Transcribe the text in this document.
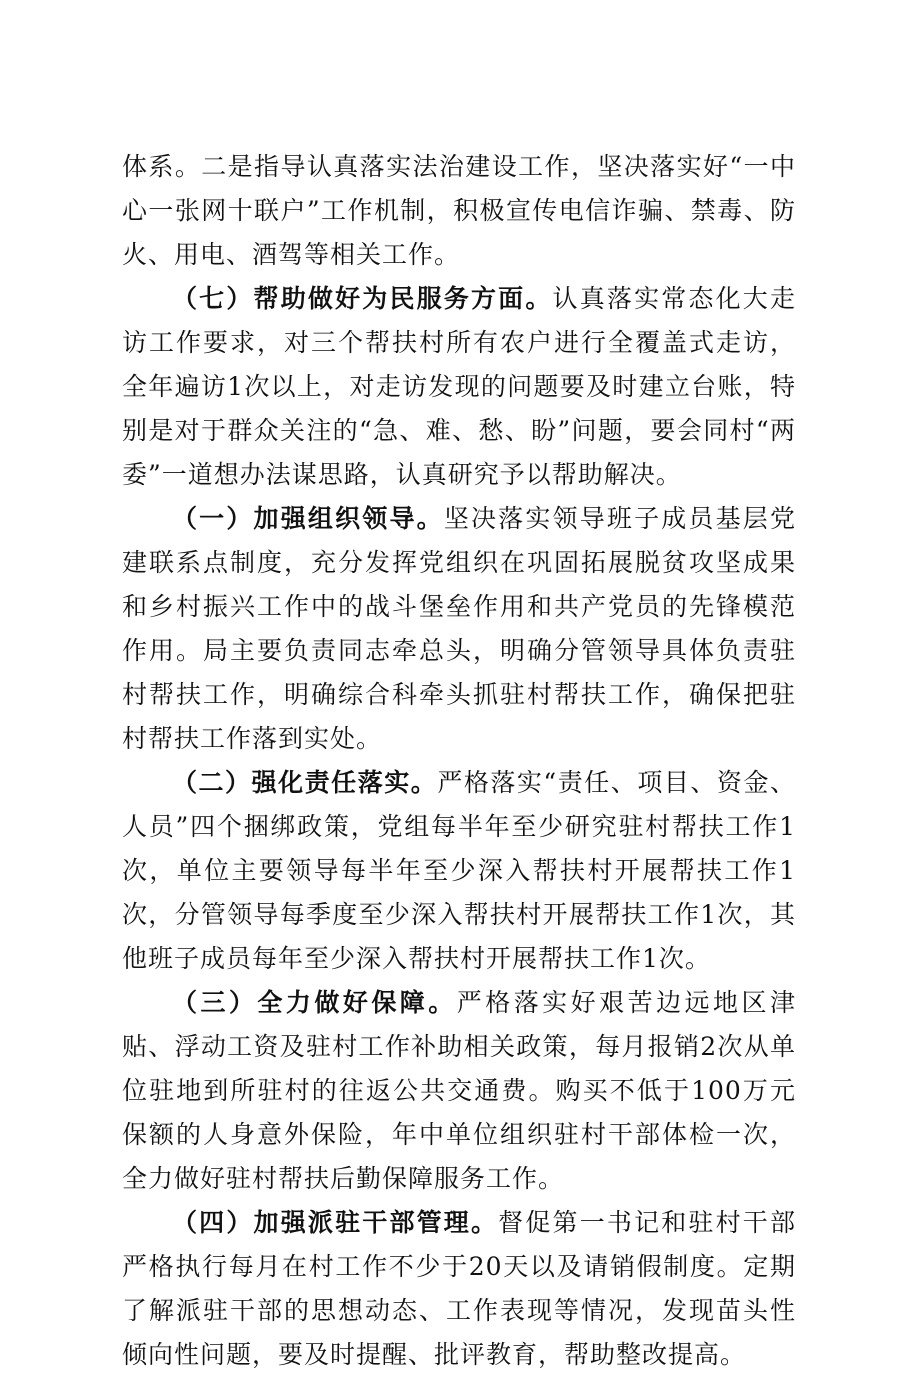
体系。二是指导认真落实法治建设工作，坚决落实好“一中心一张网十联户”工作机制，积极宣传电信诈骗、禁毒、防火、用电、酒驾等相关工作。

（七）帮助做好为民服务方面。认真落实常态化大走访工作要求，对三个帮扶村所有农户进行全覆盖式走访，全年遍访1次以上，对走访发现的问题要及时建立台账，特别是对于群众关注的“急、难、愁、盼”问题，要会同村“两委”一道想办法谋思路，认真研究予以帮助解决。

（一）加强组织领导。坚决落实领导班子成员基层党建联系点制度，充分发挥党组织在巩固拓展脱贫攻坚成果和乡村振兴工作中的战斗堡垒作用和共产党员的先锋模范作用。局主要负责同志牵总头，明确分管领导具体负责驻村帮扶工作，明确综合科牵头抓驻村帮扶工作，确保把驻村帮扶工作落到实处。

（二）强化责任落实。严格落实“责任、项目、资金、人员”四个捆绑政策，党组每半年至少研究驻村帮扶工作1次，单位主要领导每半年至少深入帮扶村开展帮扶工作1次，分管领导每季度至少深入帮扶村开展帮扶工作1次，其他班子成员每年至少深入帮扶村开展帮扶工作1次。

（三）全力做好保障。严格落实好艰苦边远地区津贴、浮动工资及驻村工作补助相关政策，每月报销2次从单位驻地到所驻村的往返公共交通费。购买不低于100万元保额的人身意外保险，年中单位组织驻村干部体检一次，全力做好驻村帮扶后勤保障服务工作。

（四）加强派驻干部管理。督促第一书记和驻村干部严格执行每月在村工作不少于20天以及请销假制度。定期了解派驻干部的思想动态、工作表现等情况，发现苗头性倾向性问题，要及时提醒、批评教育，帮助整改提高。
